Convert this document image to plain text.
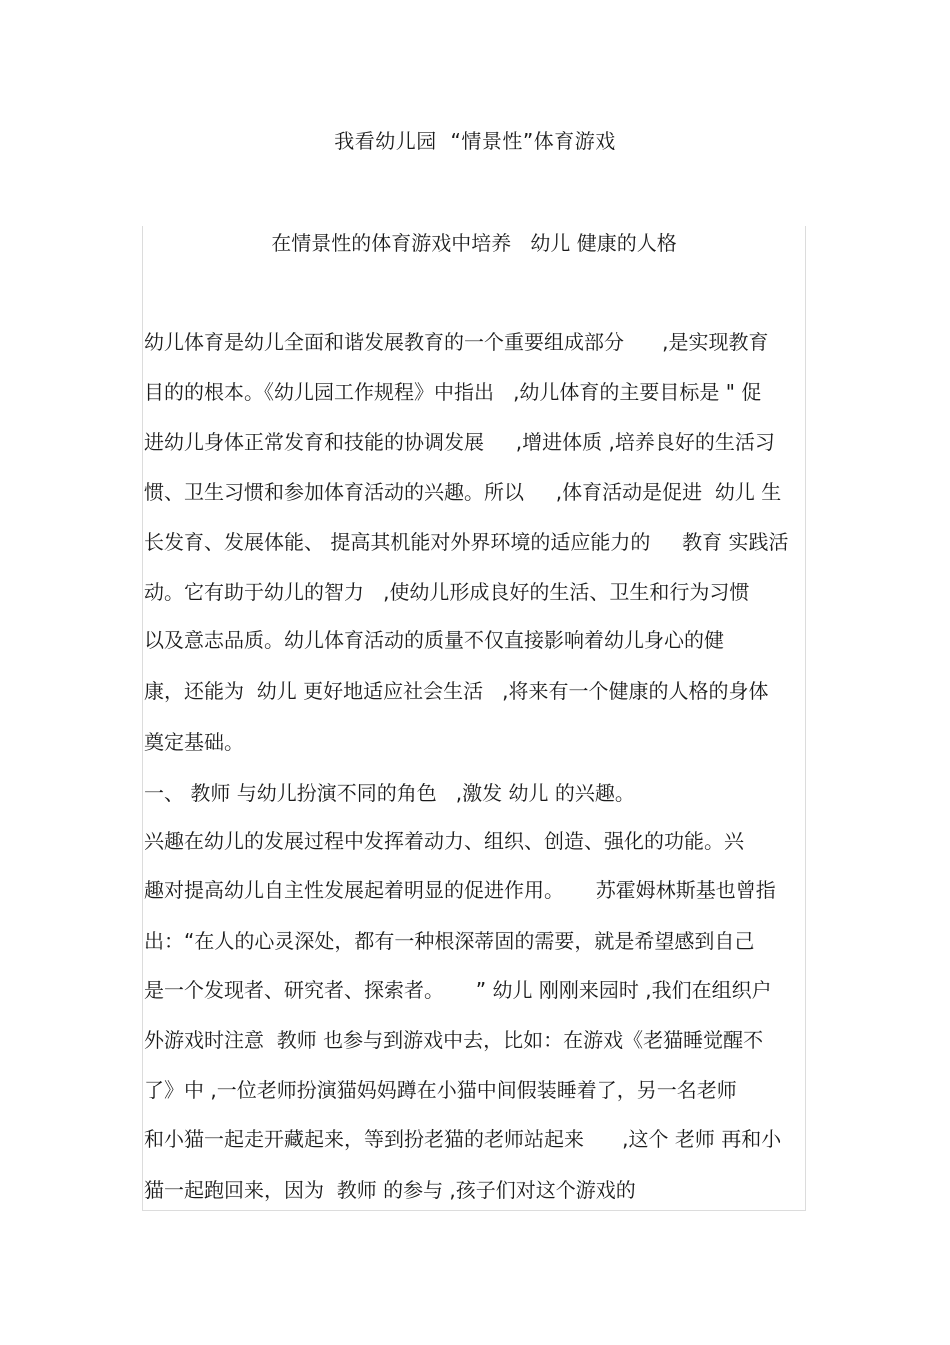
我看幼儿园  “情景性”体育游戏
在情景性的体育游戏中培养   幼儿 健康的人格
幼儿体育是幼儿全面和谐发展教育的一个重要组成部分      ,是实现教育
目的的根本。《幼儿园工作规程》中指出   ,幼儿体育的主要目标是 " 促
进幼儿身体正常发育和技能的协调发展     ,增进体质 ,培养良好的生活习
惯、卫生习惯和参加体育活动的兴趣。所以     ,体育活动是促进  幼儿 生
长发育、发展体能、 提高其机能对外界环境的适应能力的     教育 实践活
动。它有助于幼儿的智力   ,使幼儿形成良好的生活、卫生和行为习惯
以及意志品质。幼儿体育活动的质量不仅直接影响着幼儿身心的健
康，还能为  幼儿 更好地适应社会生活   ,将来有一个健康的人格的身体
奠定基础。
一、 教师 与幼儿扮演不同的角色   ,激发 幼儿 的兴趣。
兴趣在幼儿的发展过程中发挥着动力、组织、创造、强化的功能。兴
趣对提高幼儿自主性发展起着明显的促进作用。     苏霍姆林斯基也曾指
出：“在人的心灵深处，都有一种根深蒂固的需要，就是希望感到自己
是一个发现者、研究者、探索者。     ” 幼儿 刚刚来园时 ,我们在组织户
外游戏时注意  教师 也参与到游戏中去，比如：在游戏《老猫睡觉醒不
了》中 ,一位老师扮演猫妈妈蹲在小猫中间假装睡着了，另一名老师
和小猫一起走开藏起来，等到扮老猫的老师站起来      ,这个 老师 再和小
猫一起跑回来，因为  教师 的参与 ,孩子们对这个游戏的
